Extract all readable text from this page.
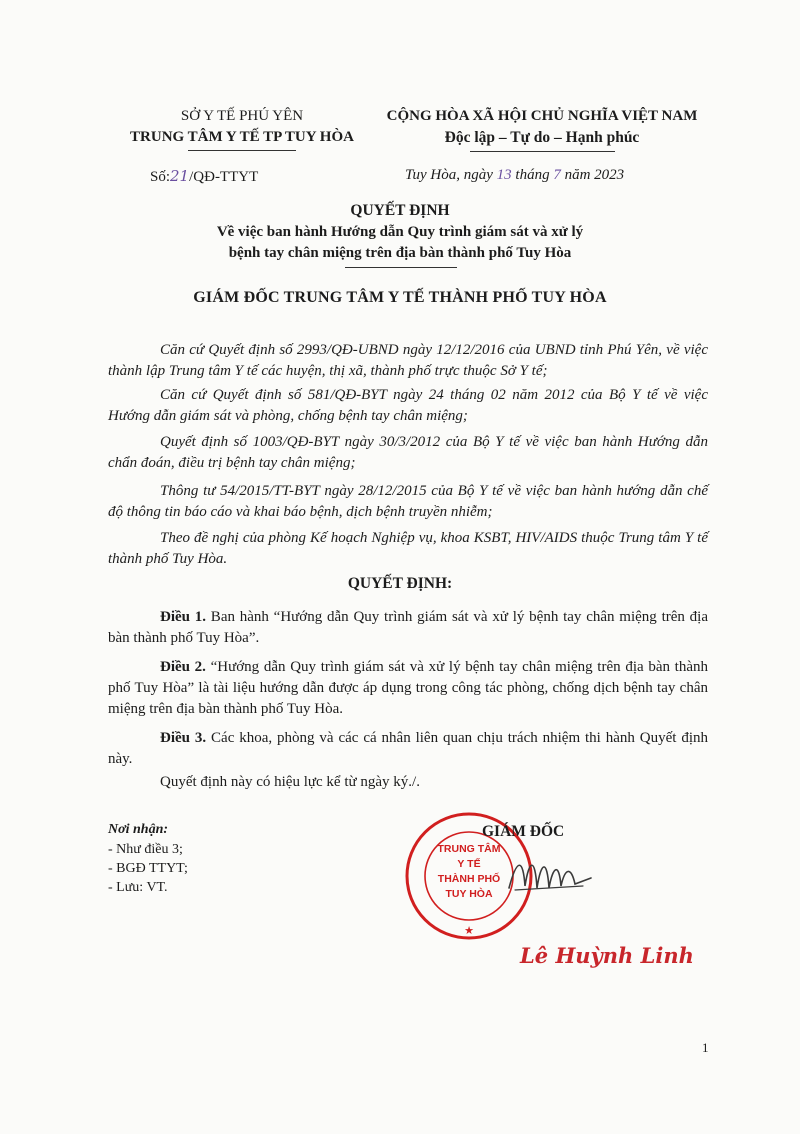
SỞ Y TẾ PHÚ YÊN
TRUNG TÂM Y TẾ TP TUY HÒA
CỘNG HÒA XÃ HỘI CHỦ NGHĨA VIỆT NAM
Độc lập – Tự do – Hạnh phúc
Số:21/QĐ-TTYT	Tuy Hòa, ngày 13 tháng 7 năm 2023
QUYẾT ĐỊNH
Về việc ban hành Hướng dẫn Quy trình giám sát và xử lý
bệnh tay chân miệng trên địa bàn thành phố Tuy Hòa
GIÁM ĐỐC TRUNG TÂM Y TẾ THÀNH PHỐ TUY HÒA
Căn cứ Quyết định số 2993/QĐ-UBND ngày 12/12/2016 của UBND tỉnh Phú Yên, về việc thành lập Trung tâm Y tế các huyện, thị xã, thành phố trực thuộc Sở Y tế;
Căn cứ Quyết định số 581/QĐ-BYT ngày 24 tháng 02 năm 2012 của Bộ Y tế về việc Hướng dẫn giám sát và phòng, chống bệnh tay chân miệng;
Quyết định số 1003/QĐ-BYT ngày 30/3/2012 của Bộ Y tế về việc ban hành Hướng dẫn chẩn đoán, điều trị bệnh tay chân miệng;
Thông tư 54/2015/TT-BYT ngày 28/12/2015 của Bộ Y tế về việc ban hành hướng dẫn chế độ thông tin báo cáo và khai báo bệnh, dịch bệnh truyền nhiễm;
Theo đề nghị của phòng Kế hoạch Nghiệp vụ, khoa KSBT, HIV/AIDS thuộc Trung tâm Y tế thành phố Tuy Hòa.
QUYẾT ĐỊNH:
Điều 1. Ban hành “Hướng dẫn Quy trình giám sát và xử lý bệnh tay chân miệng trên địa bàn thành phố Tuy Hòa”.
Điều 2. “Hướng dẫn Quy trình giám sát và xử lý bệnh tay chân miệng trên địa bàn thành phố Tuy Hòa” là tài liệu hướng dẫn được áp dụng trong công tác phòng, chống dịch bệnh tay chân miệng trên địa bàn thành phố Tuy Hòa.
Điều 3. Các khoa, phòng và các cá nhân liên quan chịu trách nhiệm thi hành Quyết định này.
Quyết định này có hiệu lực kể từ ngày ký./.
Nơi nhận:
- Như điều 3;
- BGĐ TTYT;
- Lưu: VT.
★
TRUNG TÂM
Y TẾ
THÀNH PHỐ
TUY HÒA
GIÁM ĐỐC
Lê Huỳnh Linh
1
